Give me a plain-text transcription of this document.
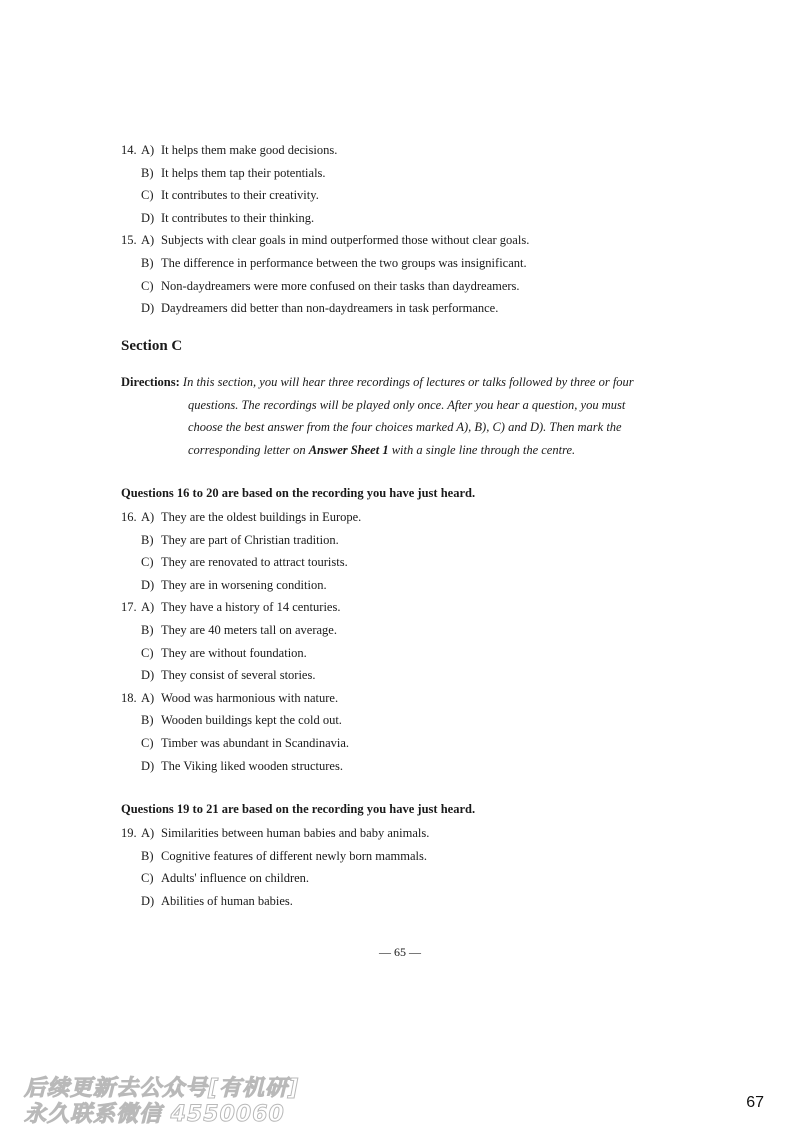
14. A) It helps them make good decisions.
B) It helps them tap their potentials.
C) It contributes to their creativity.
D) It contributes to their thinking.
15. A) Subjects with clear goals in mind outperformed those without clear goals.
B) The difference in performance between the two groups was insignificant.
C) Non-daydreamers were more confused on their tasks than daydreamers.
D) Daydreamers did better than non-daydreamers in task performance.
Section C
Directions: In this section, you will hear three recordings of lectures or talks followed by three or four
questions. The recordings will be played only once. After you hear a question, you must
choose the best answer from the four choices marked A), B), C) and D). Then mark the
corresponding letter on Answer Sheet 1 with a single line through the centre.
Questions 16 to 20 are based on the recording you have just heard.
16. A) They are the oldest buildings in Europe.
B) They are part of Christian tradition.
C) They are renovated to attract tourists.
D) They are in worsening condition.
17. A) They have a history of 14 centuries.
B) They are 40 meters tall on average.
C) They are without foundation.
D) They consist of several stories.
18. A) Wood was harmonious with nature.
B) Wooden buildings kept the cold out.
C) Timber was abundant in Scandinavia.
D) The Viking liked wooden structures.
Questions 19 to 21 are based on the recording you have just heard.
19. A) Similarities between human babies and baby animals.
B) Cognitive features of different newly born mammals.
C) Adults' influence on children.
D) Abilities of human babies.
— 65 —
后续更新去公众号[有机研]
永久联系微信 4550060	67
